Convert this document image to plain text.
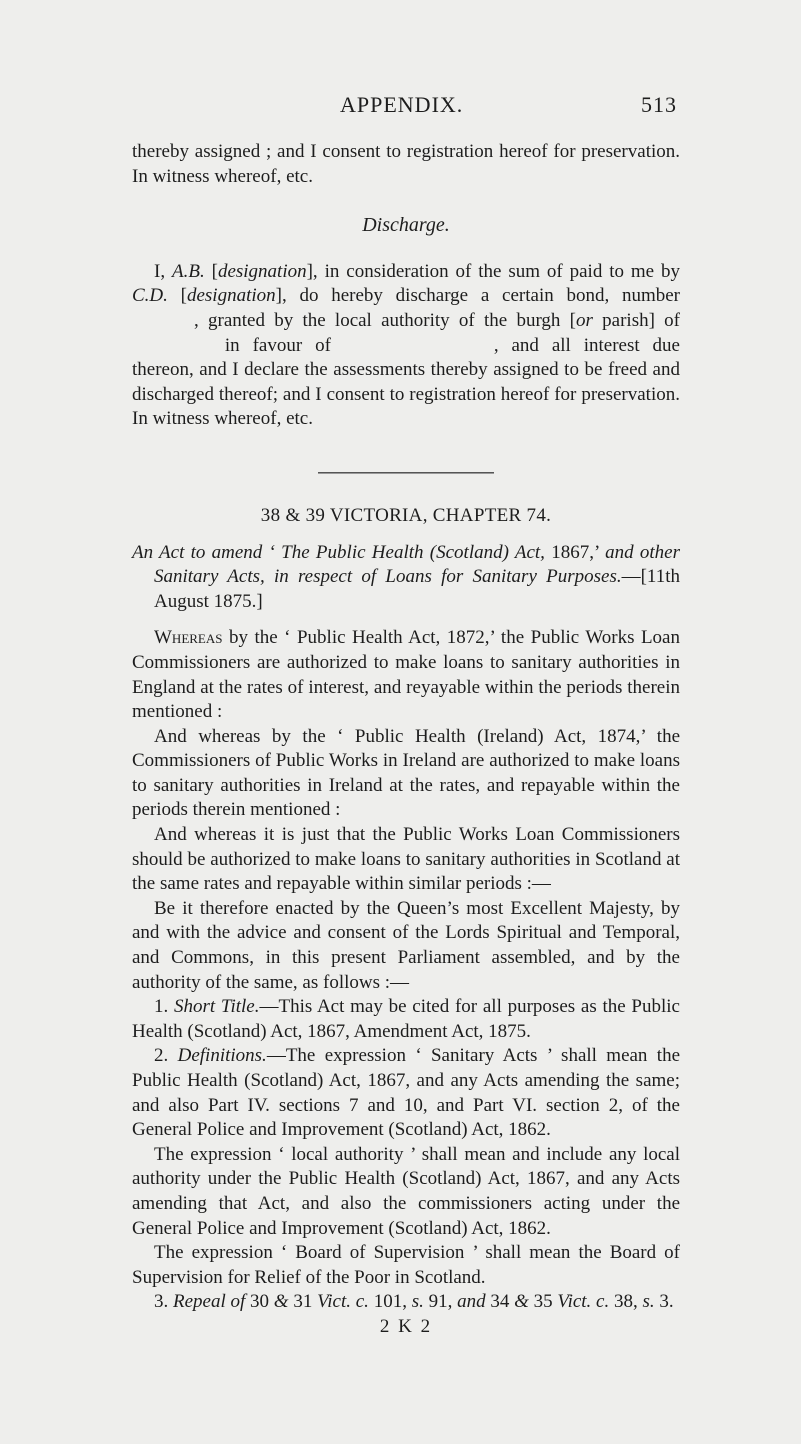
APPENDIX.	513

thereby assigned ; and I consent to registration hereof for preservation. In witness whereof, etc.

Discharge.

I, A.B. [designation], in consideration of the sum of paid to me by C.D. [designation], do hereby discharge a certain bond, number , granted by the local authority of the burgh [or parish] of  in favour of	, and all interest due thereon, and I declare the assessments thereby assigned to be freed and discharged thereof; and I consent to registration hereof for preservation. In witness whereof, etc.

38 & 39 VICTORIA, CHAPTER 74.

An Act to amend ‘ The Public Health (Scotland) Act, 1867,’ and other Sanitary Acts, in respect of Loans for Sanitary Purposes.—[11th August 1875.]

Whereas by the ‘ Public Health Act, 1872,’ the Public Works Loan Commissioners are authorized to make loans to sanitary authorities in England at the rates of interest, and reyayable within the periods therein mentioned :

And whereas by the ‘ Public Health (Ireland) Act, 1874,’ the Commissioners of Public Works in Ireland are authorized to make loans to sanitary authorities in Ireland at the rates, and repayable within the periods therein mentioned :

And whereas it is just that the Public Works Loan Commissioners should be authorized to make loans to sanitary authorities in Scotland at the same rates and repayable within similar periods :—

Be it therefore enacted by the Queen’s most Excellent Majesty, by and with the advice and consent of the Lords Spiritual and Temporal, and Commons, in this present Parliament assembled, and by the authority of the same, as follows :—

1. Short Title.—This Act may be cited for all purposes as the Public Health (Scotland) Act, 1867, Amendment Act, 1875.

2. Definitions.—The expression ‘ Sanitary Acts ’ shall mean the Public Health (Scotland) Act, 1867, and any Acts amending the same; and also Part IV. sections 7 and 10, and Part VI. section 2, of the General Police and Improvement (Scotland) Act, 1862.

The expression ‘ local authority ’ shall mean and include any local authority under the Public Health (Scotland) Act, 1867, and any Acts amending that Act, and also the commissioners acting under the General Police and Improvement (Scotland) Act, 1862.

The expression ‘ Board of Supervision ’ shall mean the Board of Supervision for Relief of the Poor in Scotland.

3. Repeal of 30 & 31 Vict. c. 101, s. 91, and 34 & 35 Vict. c. 38, s. 3.

2 K 2
